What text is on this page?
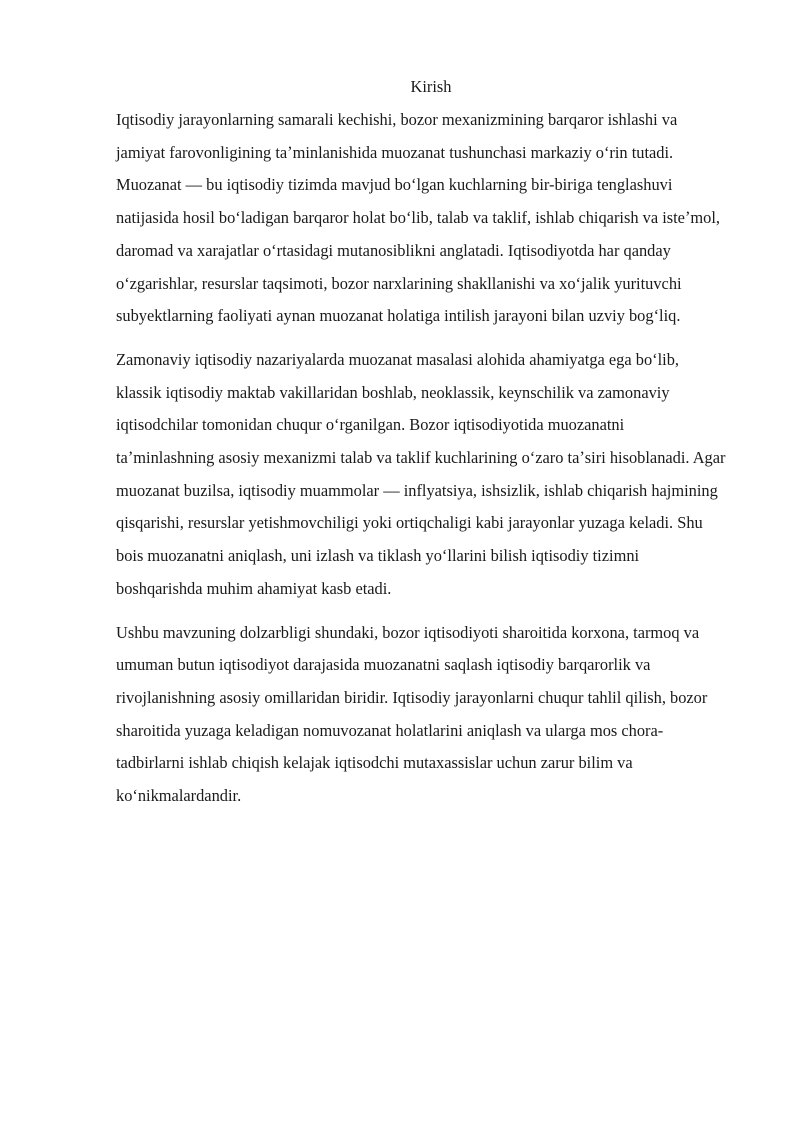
Kirish

Iqtisodiy jarayonlarning samarali kechishi, bozor mexanizmining barqaror ishlashi va jamiyat farovonligining taʼminlanishida muozanat tushunchasi markaziy oʻrin tutadi. Muozanat — bu iqtisodiy tizimda mavjud boʻlgan kuchlarning bir-biriga tenglashuvi natijasida hosil boʻladigan barqaror holat boʻlib, talab va taklif, ishlab chiqarish va isteʼmol, daromad va xarajatlar oʻrtasidagi mutanosiblikni anglatadi. Iqtisodiyotda har qanday oʻzgarishlar, resurslar taqsimoti, bozor narxlarining shakllanishi va xoʻjalik yurituvchi subyektlarning faoliyati aynan muozanat holatiga intilish jarayoni bilan uzviy bogʻliq.

Zamonaviy iqtisodiy nazariyalarda muozanat masalasi alohida ahamiyatga ega boʻlib, klassik iqtisodiy maktab vakillaridan boshlab, neoklassik, keynschilik va zamonaviy iqtisodchilar tomonidan chuqur oʻrganilgan. Bozor iqtisodiyotida muozanatni taʼminlashning asosiy mexanizmi talab va taklif kuchlarining oʻzaro taʼsiri hisoblanadi. Agar muozanat buzilsa, iqtisodiy muammolar — inflyatsiya, ishsizlik, ishlab chiqarish hajmining qisqarishi, resurslar yetishmovchiligi yoki ortiqchaligi kabi jarayonlar yuzaga keladi. Shu bois muozanatni aniqlash, uni izlash va tiklash yoʻllarini bilish iqtisodiy tizimni boshqarishda muhim ahamiyat kasb etadi.

Ushbu mavzuning dolzarbligi shundaki, bozor iqtisodiyoti sharoitida korxona, tarmoq va umuman butun iqtisodiyot darajasida muozanatni saqlash iqtisodiy barqarorlik va rivojlanishning asosiy omillaridan biridir. Iqtisodiy jarayonlarni chuqur tahlil qilish, bozor sharoitida yuzaga keladigan nomuvozanat holatlarini aniqlash va ularga mos chora-tadbirlarni ishlab chiqish kelajak iqtisodchi mutaxassislar uchun zarur bilim va koʻnikmalardandir.
